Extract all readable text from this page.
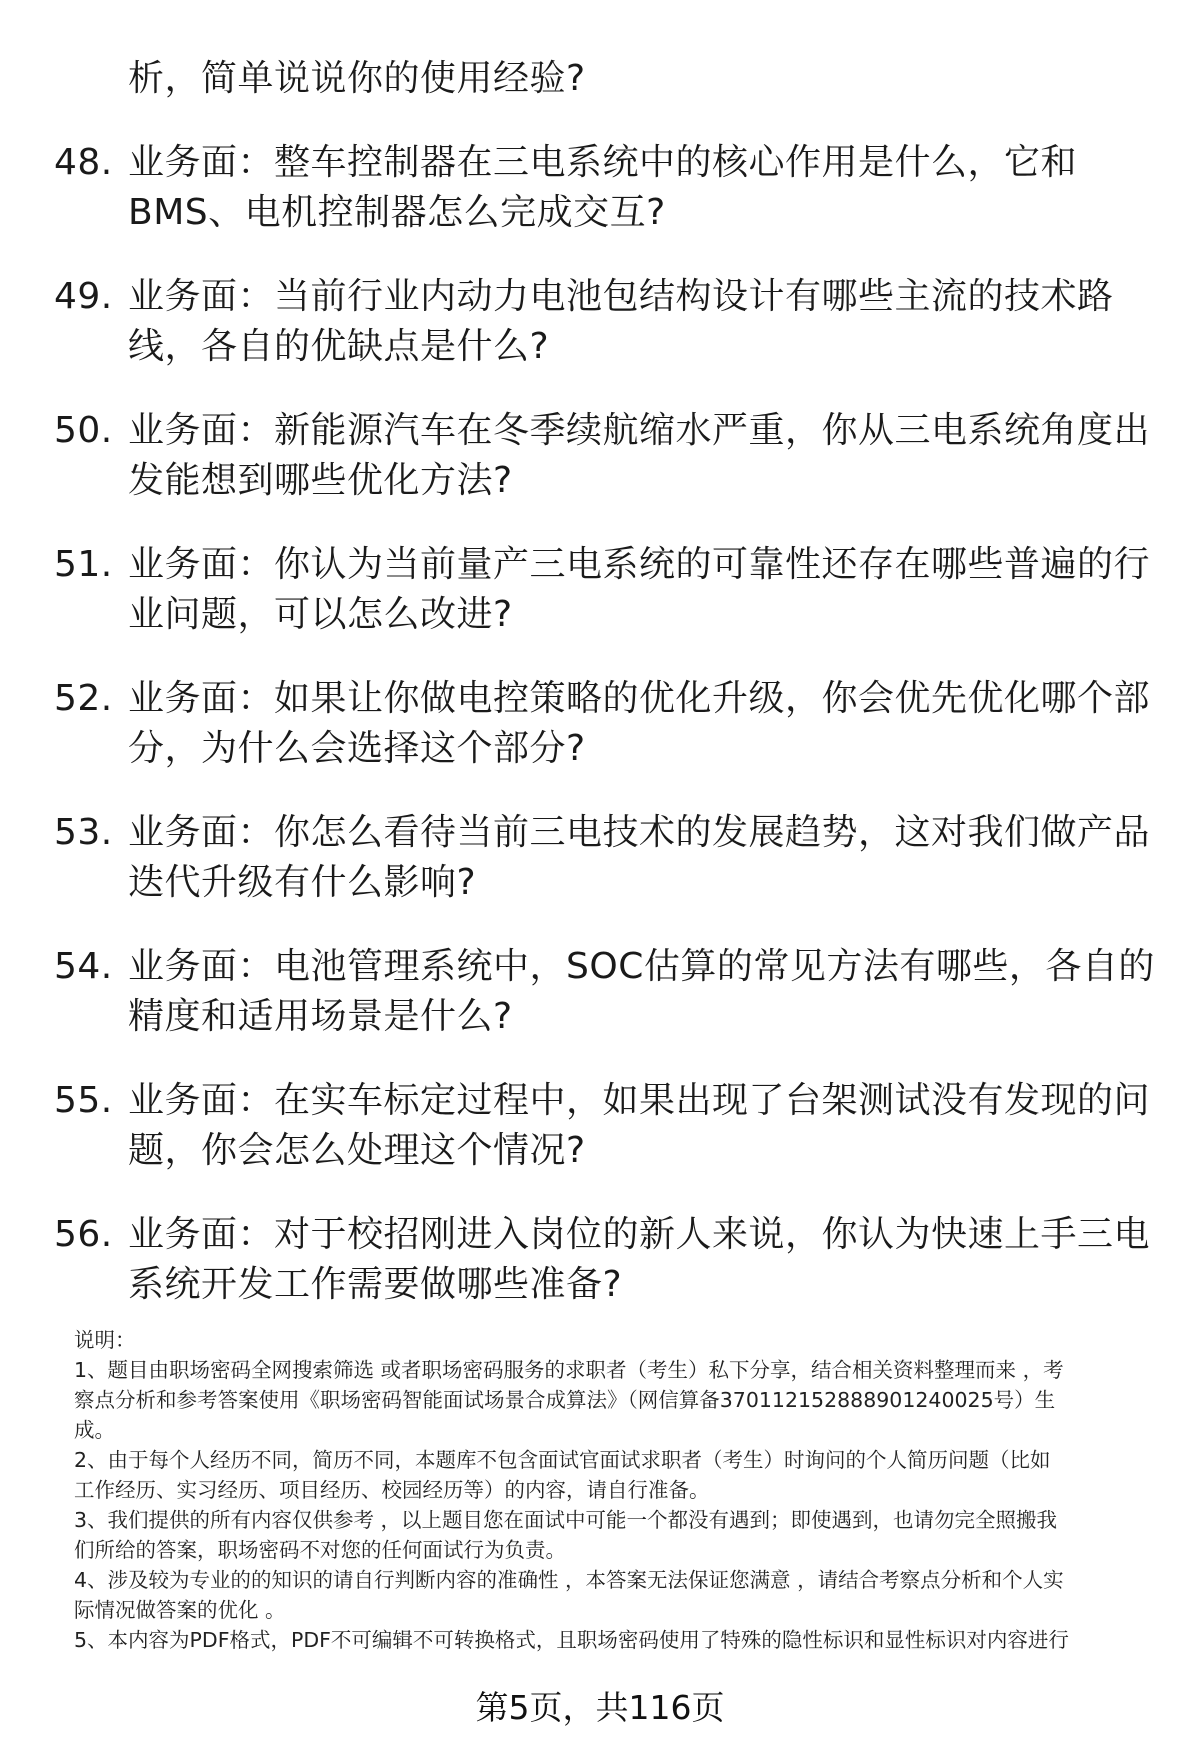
析，简单说说你的使用经验?
48. 业务面：整车控制器在三电系统中的核心作用是什么，它和
BMS、电机控制器怎么完成交互?
49. 业务面：当前行业内动力电池包结构设计有哪些主流的技术路
线，各自的优缺点是什么?
50. 业务面：新能源汽车在冬季续航缩水严重，你从三电系统角度出
发能想到哪些优化方法?
51. 业务面：你认为当前量产三电系统的可靠性还存在哪些普遍的行
业问题，可以怎么改进?
52. 业务面：如果让你做电控策略的优化升级，你会优先优化哪个部
分，为什么会选择这个部分?
53. 业务面：你怎么看待当前三电技术的发展趋势，这对我们做产品
迭代升级有什么影响?
54. 业务面：电池管理系统中，SOC估算的常见方法有哪些，各自的
精度和适用场景是什么?
55. 业务面：在实车标定过程中，如果出现了台架测试没有发现的问
题，你会怎么处理这个情况?
56. 业务面：对于校招刚进入岗位的新人来说，你认为快速上手三电
系统开发工作需要做哪些准备?

说明：

1、题目由职场密码全网搜索筛选 或者职场密码服务的求职者（考生）私下分享，结合相关资料整理而来 ，考

察点分析和参考答案使用《职场密码智能面试场景合成算法》（网信算备370112152888901240025号）生

成。

2、由于每个人经历不同，简历不同，本题库不包含面试官面试求职者（考生）时询问的个人简历问题（比如

工作经历、实习经历、项目经历、校园经历等）的内容，请自行准备。

3、我们提供的所有内容仅供参考 ，以上题目您在面试中可能一个都没有遇到；即使遇到，也请勿完全照搬我

们所给的答案，职场密码不对您的任何面试行为负责。

4、涉及较为专业的的知识的请自行判断内容的准确性 ，本答案无法保证您满意 ，请结合考察点分析和个人实

际情况做答案的优化 。

5、本内容为PDF格式，PDF不可编辑不可转换格式，且职场密码使用了特殊的隐性标识和显性标识对内容进行

第5页，共116页
